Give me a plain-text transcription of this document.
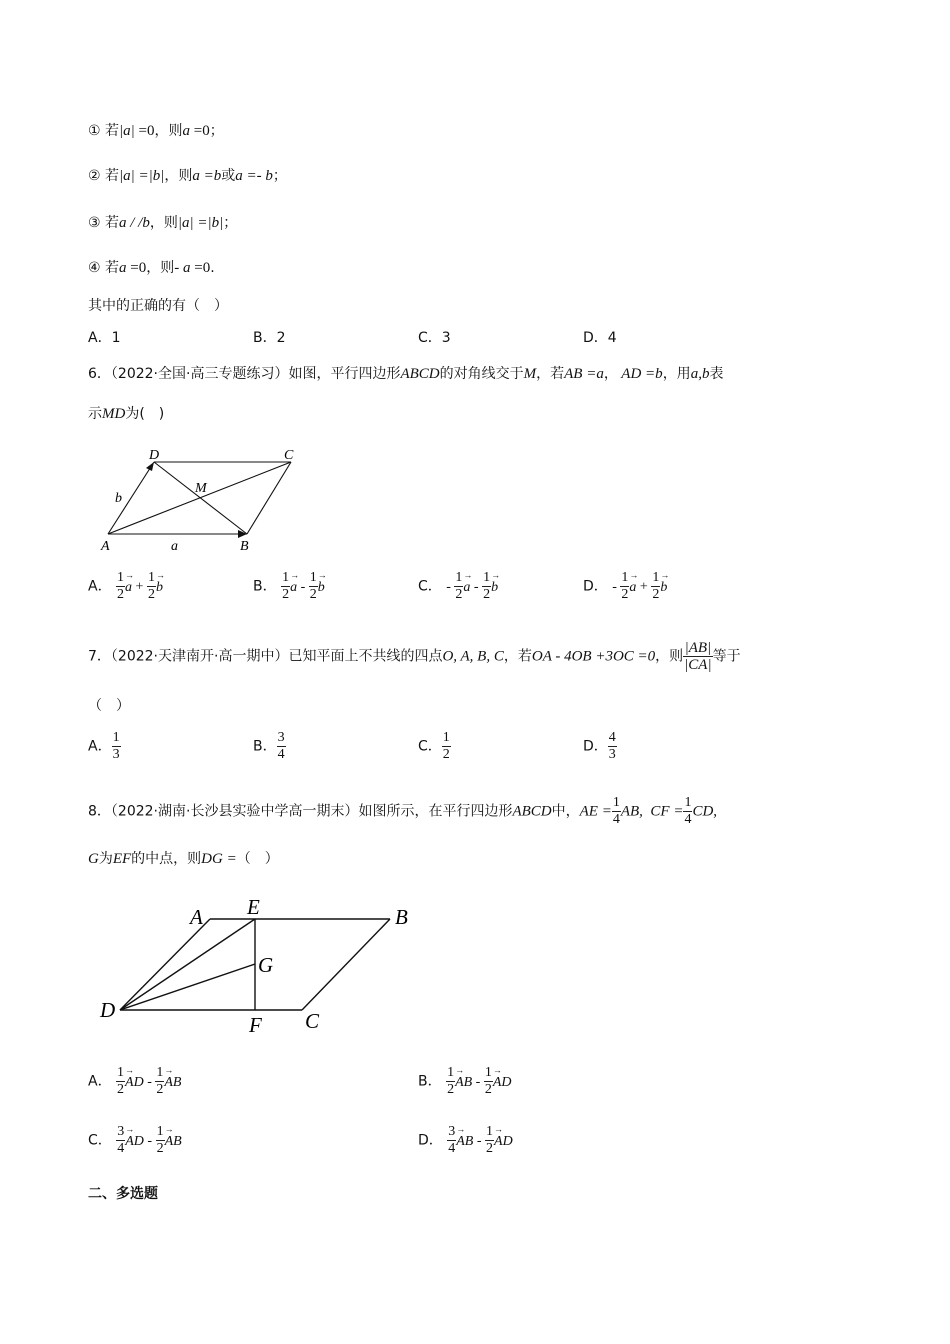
① 若|a| =0，则a =0；
② 若|a| =|b|，则a =b或a =- b；
③ 若a / /b，则|a| =|b|；
④ 若a =0，则- a =0.
其中的正确的有（　）
A．1	B．2	C．3	D．4
6．（2022·全国·高三专题练习）如图，平行四边形ABCD的对角线交于M，若AB =a， AD =b，用a,b表
示MD为(　)
D	C
M
A	B
a
b
A． $\frac{1}{2}$
→ $a + \frac{1}{2}$
→ b	B． $\frac{1}{2}$
→ a - $\frac{1}{2}$
→ b	C． - $\frac{1}{2}$
→ a - $\frac{1}{2}$
→ b	D． - $\frac{1}{2}$
→ $a + \frac{1}{2}$
→ b
7．（2022·天津南开·高一期中）已知平面上不共线的四点O, A, B, C，若OA - 4OB +3OC =0，则 $\frac{|AB|}{|CA|}$ 等于
（　）
A． $\frac{1}{3}$	B． $\frac{3}{4}$	C． $\frac{1}{2}$	D． $\frac{4}{3}$
8．（2022·湖南·长沙县实验中学高一期末）如图所示，在平行四边形ABCD中，AE = $\frac{1}{4}$ AB,  CF = $\frac{1}{4}$ CD,
G为EF的中点，则DG =（　）
A E	B
G
D
F C
A． $\frac{1}{2}$
→ AD - $\frac{1}{2}$
→ AB	B． $\frac{1}{2}$
→ AB - $\frac{1}{2}$
→ AD
C． $\frac{3}{4}$
→ AD - $\frac{1}{2}$
→ AB	D． $\frac{3}{4}$
→ AB - $\frac{1}{2}$
→ AD
二、多选题
